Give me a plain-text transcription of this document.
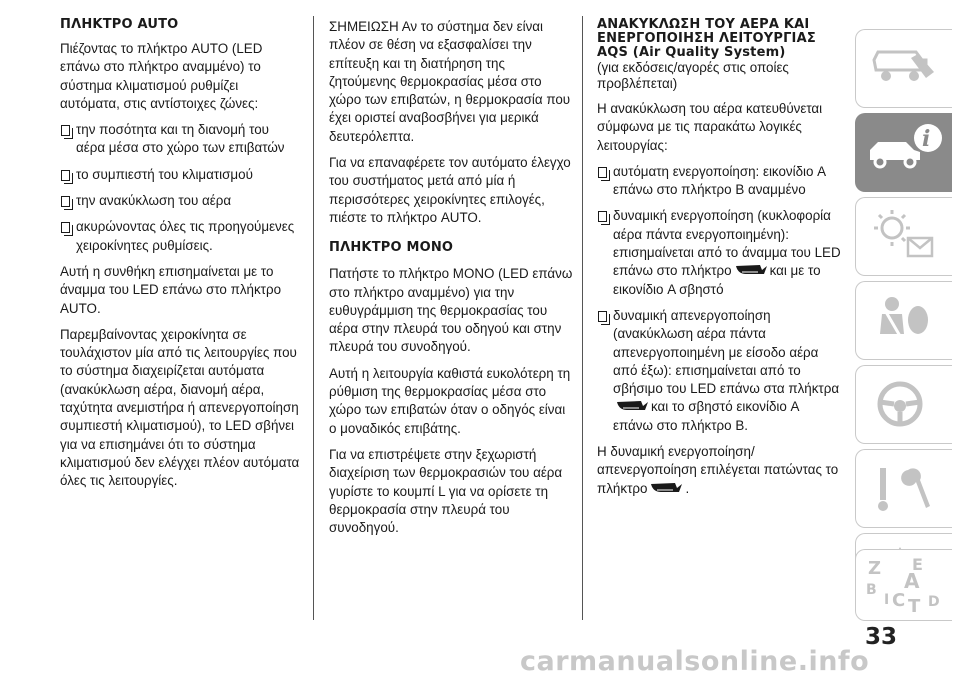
ΠΛΗΚΤΡΟ AUTO

Πιέζοντας το πλήκτρο AUTO (LED επάνω στο πλήκτρο αναμμένο) το σύστημα κλιματισμού ρυθμίζει αυτόματα, στις αντίστοιχες ζώνες:

την ποσότητα και τη διανομή του αέρα μέσα στο χώρο των επιβατών
το συμπιεστή του κλιματισμού
την ανακύκλωση του αέρα
ακυρώνοντας όλες τις προηγούμενες χειροκίνητες ρυθμίσεις.

Αυτή η συνθήκη επισημαίνεται με το άναμμα του LED επάνω στο πλήκτρο AUTO.

Παρεμβαίνοντας χειροκίνητα σε τουλάχιστον μία από τις λειτουργίες που το σύστημα διαχειρίζεται αυτόματα (ανακύκλωση αέρα, διανομή αέρα, ταχύτητα ανεμιστήρα ή απενεργοποίηση συμπιεστή κλιματισμού), το LED σβήνει για να επισημάνει ότι το σύστημα κλιματισμού δεν ελέγχει πλέον αυτόματα όλες τις λειτουργίες.

ΣΗΜΕΙΩΣΗ Αν το σύστημα δεν είναι πλέον σε θέση να εξασφαλίσει την επίτευξη και τη διατήρηση της ζητούμενης θερμοκρασίας μέσα στο χώρο των επιβατών, η θερμοκρασία που έχει οριστεί αναβοσβήνει για μερικά δευτερόλεπτα.

Για να επαναφέρετε τον αυτόματο έλεγχο του συστήματος μετά από μία ή περισσότερες χειροκίνητες επιλογές, πιέστε το πλήκτρο AUTO.

ΠΛΗΚΤΡΟ MONO

Πατήστε το πλήκτρο MONO (LED επάνω στο πλήκτρο αναμμένο) για την ευθυγράμμιση της θερμοκρασίας του αέρα στην πλευρά του οδηγού και στην πλευρά του συνοδηγού.

Αυτή η λειτουργία καθιστά ευκολότερη τη ρύθμιση της θερμοκρασίας μέσα στο χώρο των επιβατών όταν ο οδηγός είναι ο μοναδικός επιβάτης.

Για να επιστρέψετε στην ξεχωριστή διαχείριση των θερμοκρασιών του αέρα γυρίστε το κουμπί L για να ορίσετε τη θερμοκρασία στην πλευρά του συνοδηγού.

ΑΝΑΚΥΚΛΩΣΗ ΤΟΥ ΑΕΡΑ ΚΑΙ ΕΝΕΡΓΟΠΟΙΗΣΗ ΛΕΙΤΟΥΡΓΙΑΣ AQS (Air Quality System)
(για εκδόσεις/αγορές στις οποίες προβλέπεται)

Η ανακύκλωση του αέρα κατευθύνεται σύμφωνα με τις παρακάτω λογικές λειτουργίας:

αυτόματη ενεργοποίηση: εικονίδιο A επάνω στο πλήκτρο B αναμμένο
δυναμική ενεργοποίηση (κυκλοφορία αέρα πάντα ενεργοποιημένη): επισημαίνεται από το άναμμα του LED επάνω στο πλήκτρο	και με το εικονίδιο A σβηστό
δυναμική απενεργοποίηση (ανακύκλωση αέρα πάντα απενεργοποιημένη με είσοδο αέρα από έξω): επισημαίνεται από το σβήσιμο του LED επάνω στα πλήκτρακαι το σβηστό εικονίδιο A επάνω στο πλήκτρο B.

Η δυναμική ενεργοποίηση/ απενεργοποίηση επιλέγεται πατώντας το πλήκτρο	.

i
Z E
B A
I C T D
33
carmanualsonline.info
